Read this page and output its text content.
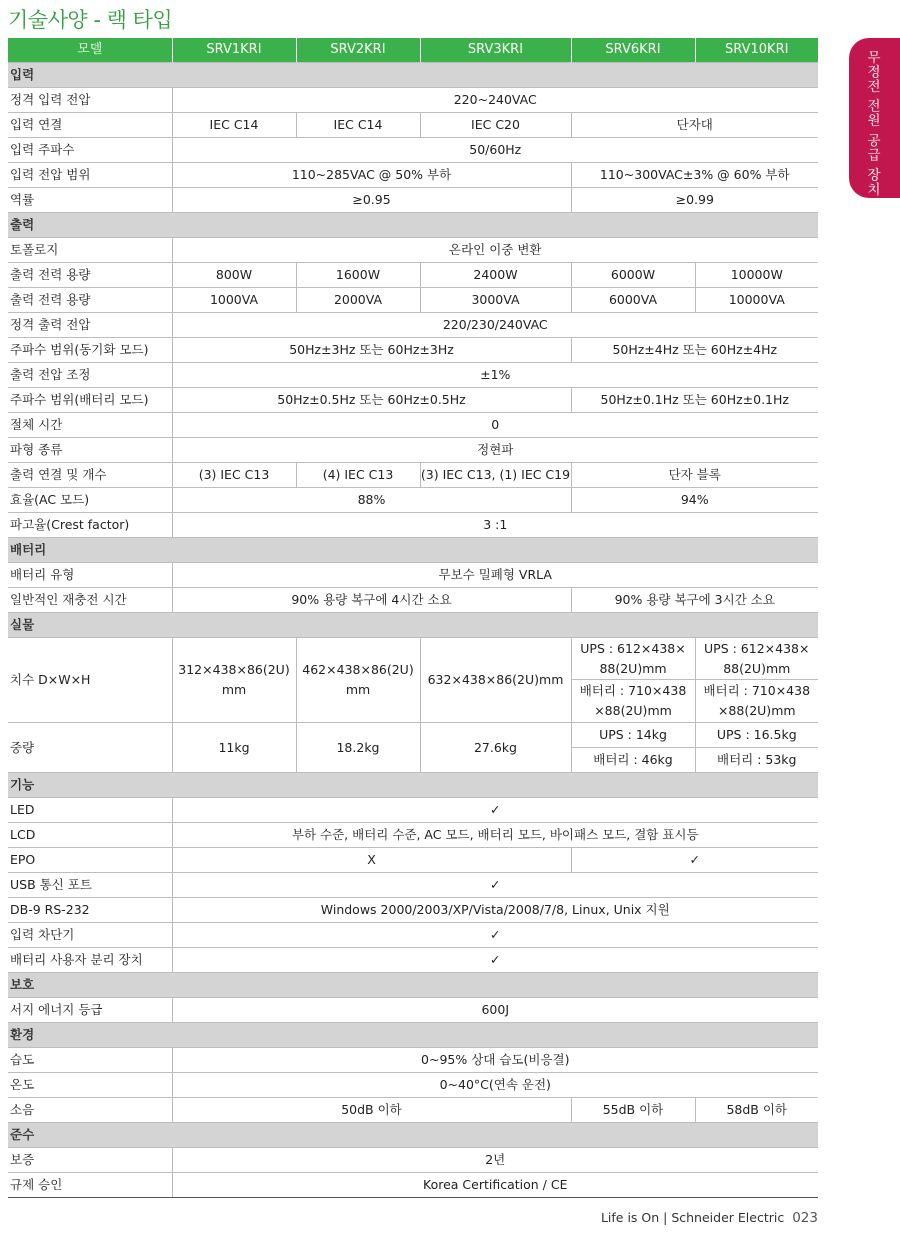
기술사양 - 랙 타입
무정전 전원 공급 장치
모델	SRV1KRI	SRV2KRI	SRV3KRI	SRV6KRI	SRV10KRI
입력					
정격 입력 전압	220~240VAC				
입력 연결	IEC C14	IEC C14	IEC C20	단자대	
입력 주파수	50/60Hz				
입력 전압 범위	110~285VAC @ 50% 부하			110~300VAC±3% @ 60% 부하	
역률	≥0.95			≥0.99	
출력					
토폴로지	온라인 이중 변환				
출력 전력 용량	800W	1600W	2400W	6000W	10000W
출력 전력 용량	1000VA	2000VA	3000VA	6000VA	10000VA
정격 출력 전압	220/230/240VAC				
주파수 범위(동기화 모드)	50Hz±3Hz 또는 60Hz±3Hz			50Hz±4Hz 또는 60Hz±4Hz	
출력 전압 조정	±1%				
주파수 범위(배터리 모드)	50Hz±0.5Hz 또는 60Hz±0.5Hz			50Hz±0.1Hz 또는 60Hz±0.1Hz	
절체 시간	0				
파형 종류	정현파				
출력 연결 및 개수	(3) IEC C13	(4) IEC C13	(3) IEC C13, (1) IEC C19	단자 블록	
효율(AC 모드)	88%			94%	
파고율(Crest factor)	3 :1				
배터리					
배터리 유형	무보수 밀폐형 VRLA				
일반적인 재충전 시간	90% 용량 복구에 4시간 소요			90% 용량 복구에 3시간 소요	
실물					
치수 D×W×H	312×438×86(2U) mm	462×438×86(2U) mm	632×438×86(2U)mm	UPS : 612×438× 88(2U)mm	UPS : 612×438× 88(2U)mm
				배터리 : 710×438 ×88(2U)mm	배터리 : 710×438 ×88(2U)mm
중량	11kg	18.2kg	27.6kg	UPS : 14kg	UPS : 16.5kg
				배터리 : 46kg	배터리 : 53kg
기능					
LED	✓				
LCD	부하 수준, 배터리 수준, AC 모드, 배터리 모드, 바이패스 모드, 결함 표시등				
EPO	X			✓	
USB 통신 포트	✓				
DB-9 RS-232	Windows 2000/2003/XP/Vista/2008/7/8, Linux, Unix 지원				
입력 차단기	✓				
배터리 사용자 분리 장치	✓				
보호					
서지 에너지 등급	600J				
환경					
습도	0~95% 상대 습도(비응결)				
온도	0~40°C(연속 운전)				
소음	50dB 이하			55dB 이하	58dB 이하
준수					
보증	2년				
규제 승인	Korea Certification / CE				
Life is On | Schneider Electric 023
